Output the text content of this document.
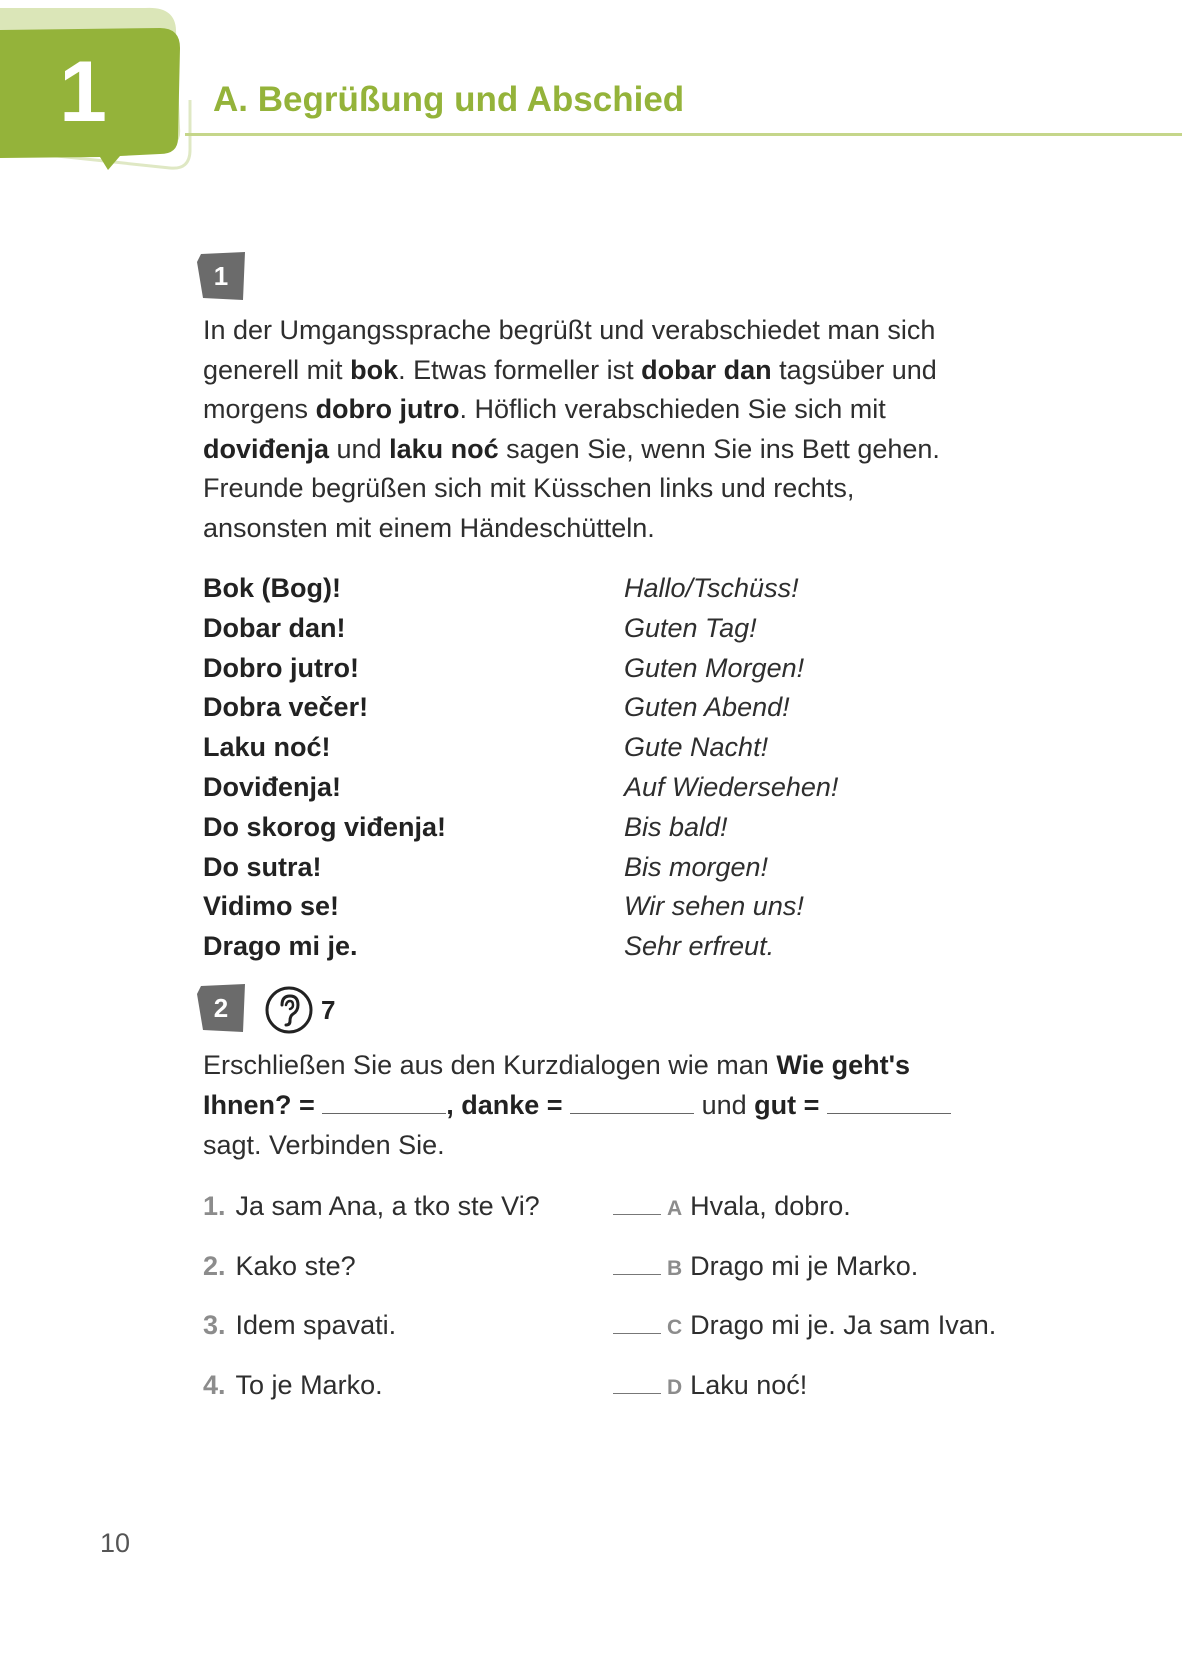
1	A. Begrüßung und Abschied
1
In der Umgangssprache begrüßt und verabschiedet man sich
generell mit bok. Etwas formeller ist dobar dan tagsüber und
morgens dobro jutro. Höflich verabschieden Sie sich mit
doviđenja und laku noć sagen Sie, wenn Sie ins Bett gehen.
Freunde begrüßen sich mit Küsschen links und rechts,
ansonsten mit einem Händeschütteln.
Bok (Bog)!	Hallo/Tschüss!
Dobar dan!	Guten Tag!
Dobro jutro!	Guten Morgen!
Dobra večer!	Guten Abend!
Laku noć!	Gute Nacht!
Doviđenja!	Auf Wiedersehen!
Do skorog viđenja!	Bis bald!
Do sutra!	Bis morgen!
Vidimo se!	Wir sehen uns!
Drago mi je.	Sehr erfreut.
2	7
Erschließen Sie aus den Kurzdialogen wie man Wie geht's
Ihnen? =	, danke =	und gut =
sagt. Verbinden Sie.
1. Ja sam Ana, a tko ste Vi?	A Hvala, dobro.
2. Kako ste?	B Drago mi je Marko.
3. Idem spavati.	C Drago mi je. Ja sam Ivan.
4. To je Marko.	D Laku noć!
10
